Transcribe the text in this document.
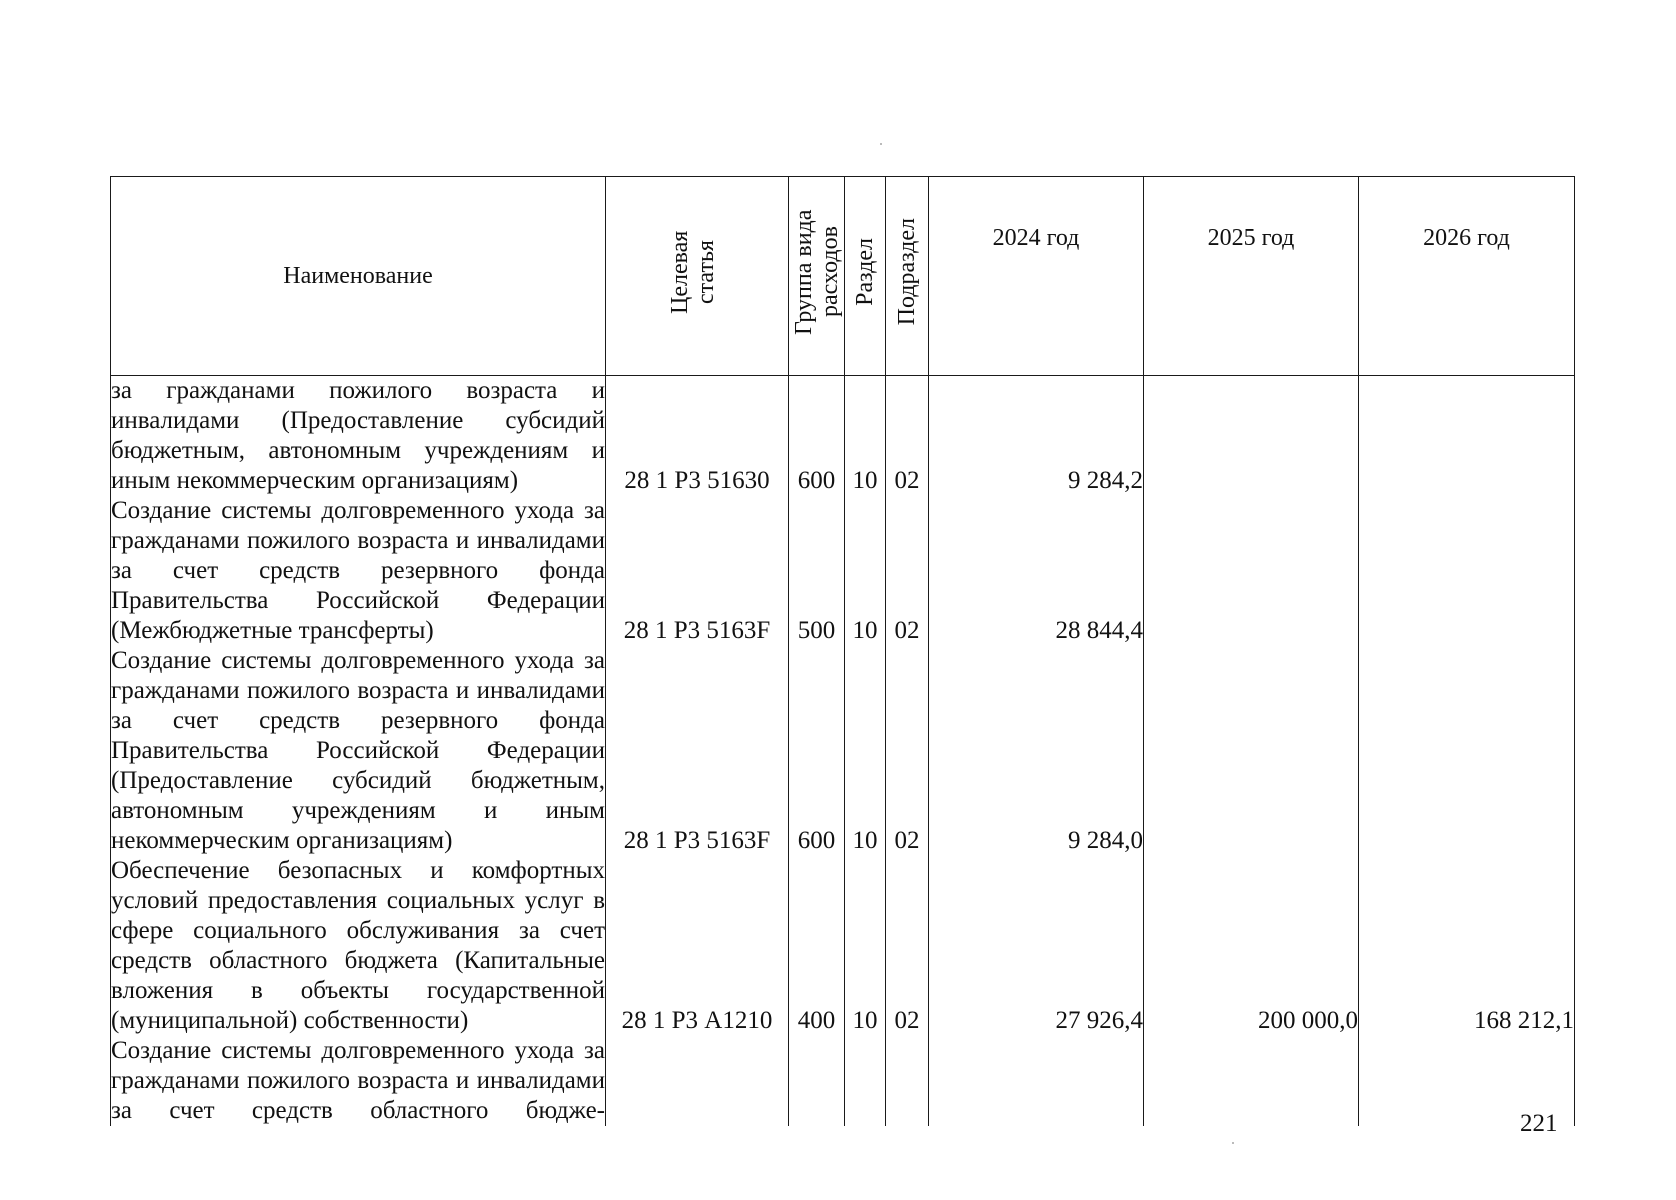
Наименование	Целевая статья	Группа вида расходов	Раздел	Подраздел	2024 год	2025 год	2026 год
за гражданами пожилого возраста и инвалидами (Предоставление субсидий бюджетным, автономным учреждениям и иным некоммерческим организациям)	28 1 Р3 51630	600	10	02	9 284,2		
Создание системы долговременного ухода за гражданами пожилого возраста и инвалидами за счет средств резервного фонда Правительства Российской Федерации (Межбюджетные трансферты)	28 1 Р3 5163F	500	10	02	28 844,4		
Создание системы долговременного ухода за гражданами пожилого возраста и инвалидами за счет средств резервного фонда Правительства Российской Федерации (Предоставление субсидий бюджетным, автономным учреждениям и иным некоммерческим организациям)	28 1 Р3 5163F	600	10	02	9 284,0		
Обеспечение безопасных и комфортных условий предоставления социальных услуг в сфере социального обслуживания за счет средств областного бюджета (Капитальные вложения в объекты государственной (муниципальной) собственности)	28 1 Р3 А1210	400	10	02	27 926,4	200 000,0	168 212,1
Создание системы долговременного ухода за гражданами пожилого возраста и инвалидами за счет средств областного бюдже-								221
